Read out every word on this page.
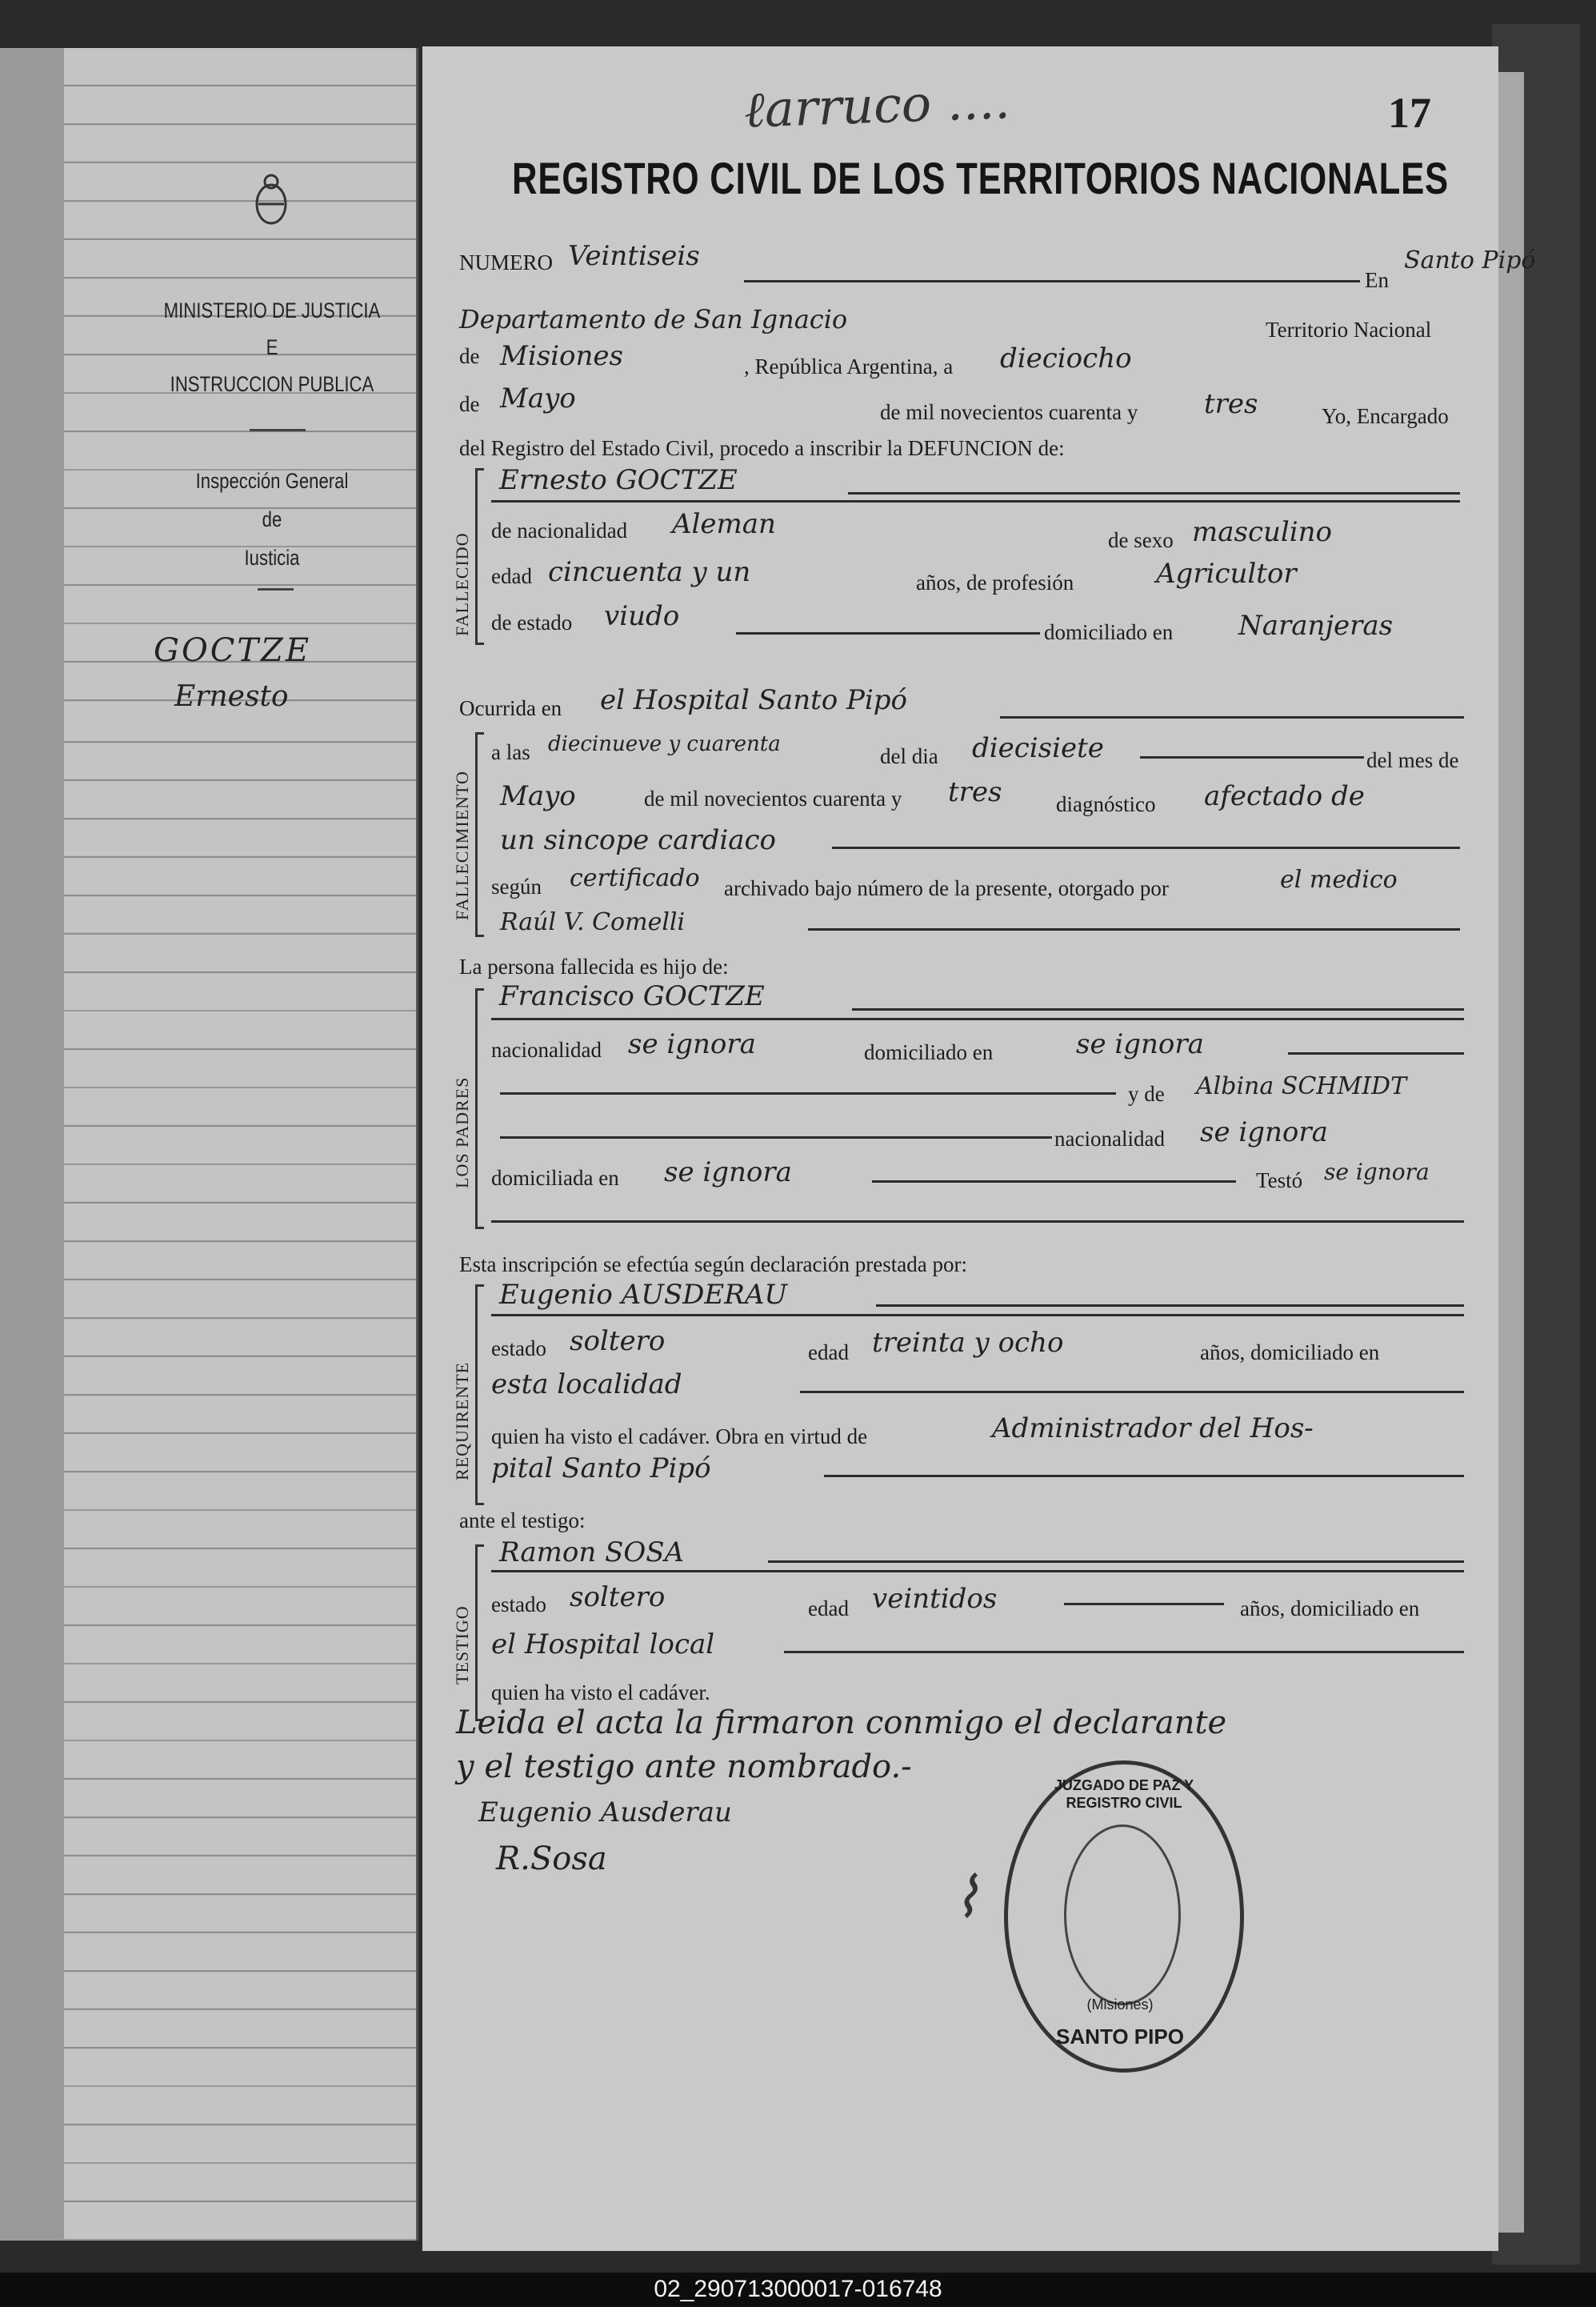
MINISTERIO DE JUSTICIA
E
INSTRUCCION PUBLICA
Inspección General
de
Iusticia
GOCTZE
Ernesto
17
ℓarruco ....
REGISTRO CIVIL DE LOS TERRITORIOS NACIONALES
NUMERO Veintiseis
En
Santo Pipó
Departamento de San Ignacio	Territorio Nacional
de Misiones	, República Argentina, a dieciocho
de Mayo	de mil novecientos cuarenta y tres	Yo, Encargado
del Registro del Estado Civil, procedo a inscribir la DEFUNCION de:
FALLECIDO
Ernesto GOCTZE
de nacionalidad Aleman	de sexo masculino
edad cincuenta y un	años, de profesión	Agricultor
de estado viudo	domiciliado en Naranjeras
Ocurrida en el Hospital Santo Pipó
FALLECIMIENTO
a las diecinueve y cuarenta	del dia diecisiete	del mes de
Mayo	de mil novecientos cuarenta y tres	diagnóstico afectado de
un sincope cardiaco
según certificado archivado bajo número de la presente, otorgado por	el medico
Raúl V. Comelli
La persona fallecida es hijo de:
LOS PADRES
Francisco GOCTZE
nacionalidad se ignora	domiciliado en	se ignora
y de Albina SCHMIDT
nacionalidad se ignora
domiciliada en se ignora	Testó se ignora
Esta inscripción se efectúa según declaración prestada por:
REQUIRENTE
Eugenio AUSDERAU
estado soltero	edad treinta y ocho	años, domiciliado en
esta localidad
quien ha visto el cadáver. Obra en virtud de	Administrador del Hos-
pital Santo Pipó
ante el testigo:
TESTIGO
Ramon SOSA
estado soltero	edad veintidos	años, domiciliado en
el Hospital local
quien ha visto el cadáver.
Leida el acta la firmaron conmigo el declarante
y el testigo ante nombrado.-
Eugenio Ausderau
R.Sosa
⌇
JUZGADO DE PAZ Y REGISTRO CIVIL
(Misiones)
SANTO PIPO
02_290713000017-016748
